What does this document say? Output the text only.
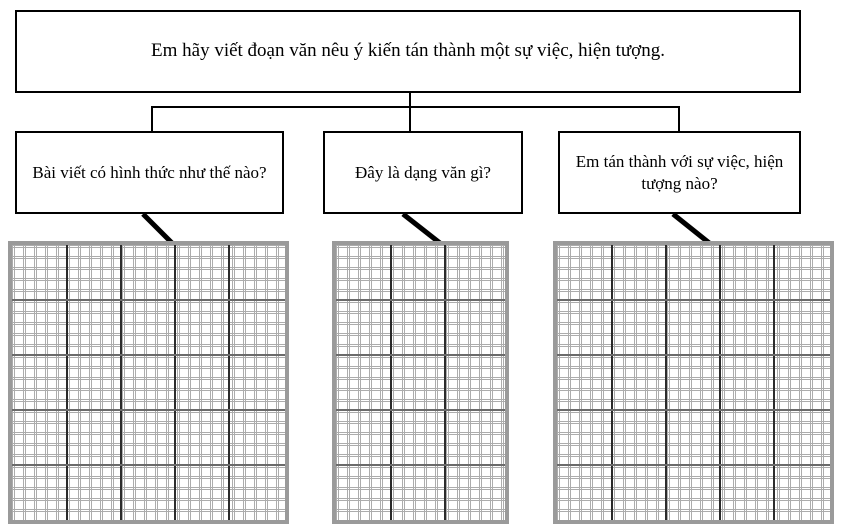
Em hãy viết đoạn văn nêu ý kiến tán thành một sự việc, hiện tượng.
Bài viết có hình thức như thế nào?	Đây là dạng văn gì?
Em tán thành với sự việc, hiện tượng nào?
